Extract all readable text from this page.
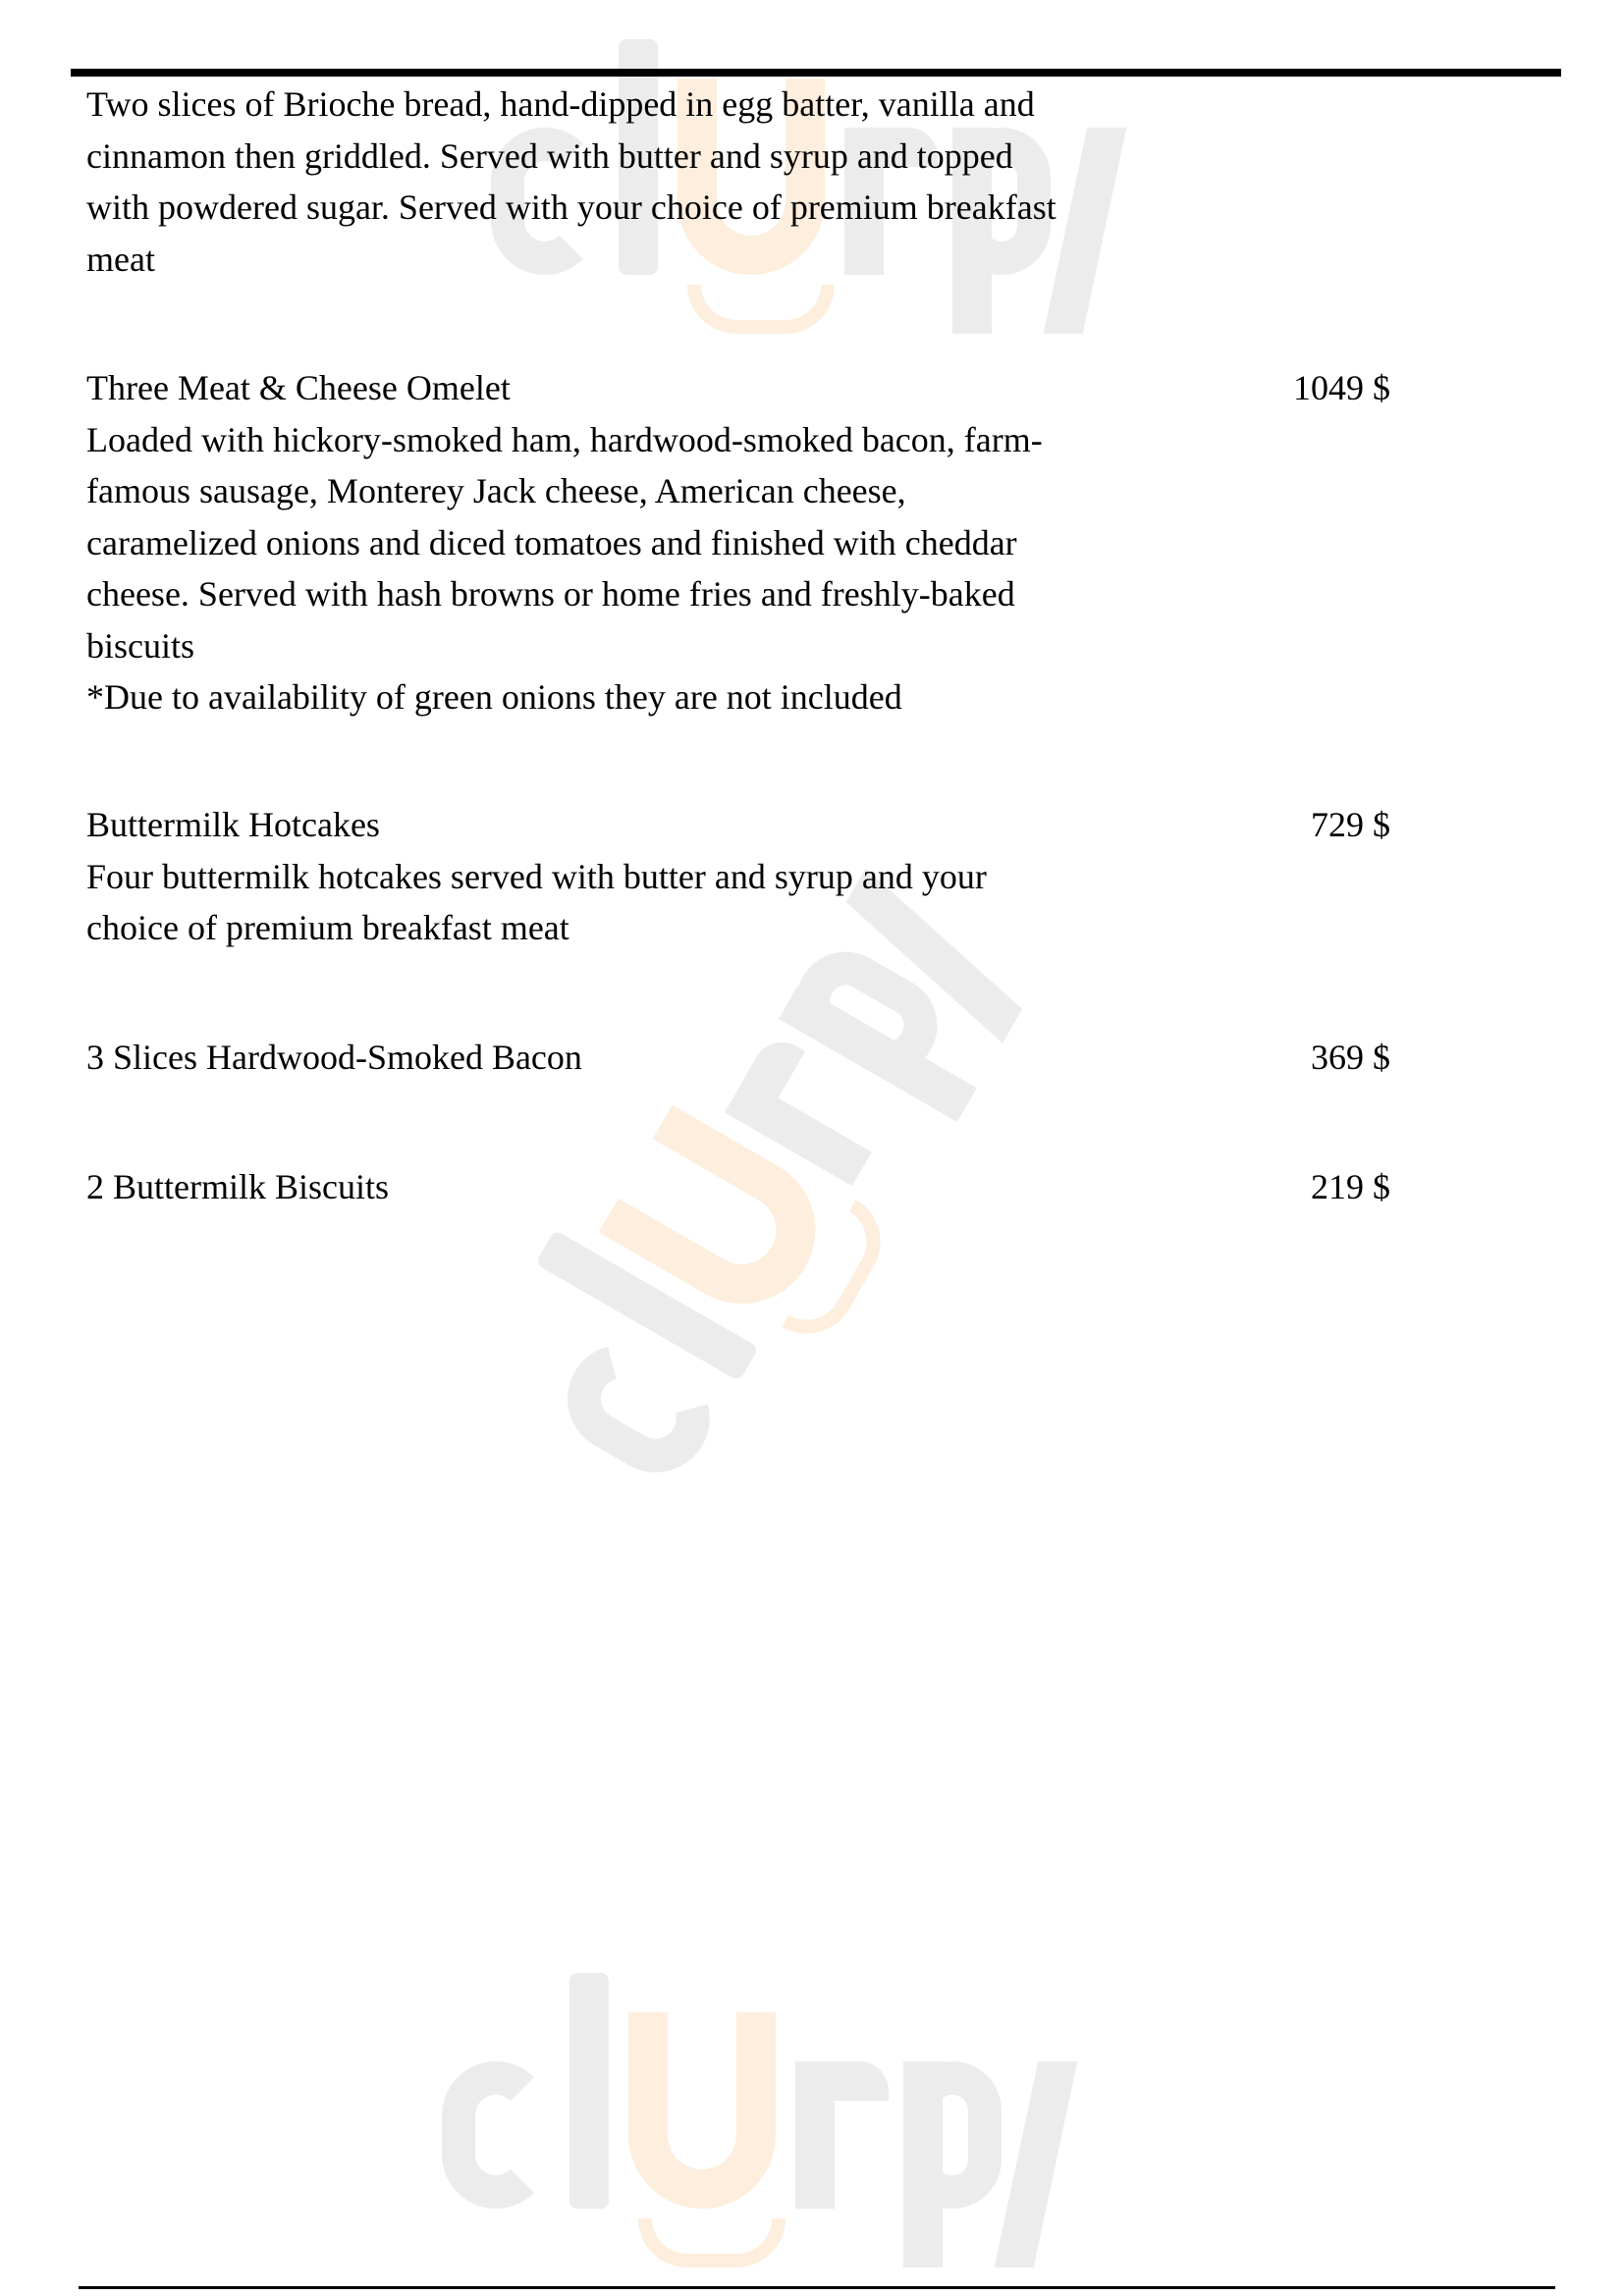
Two slices of Brioche bread, hand-dipped in egg batter, vanilla and
cinnamon then griddled. Served with butter and syrup and topped
with powdered sugar. Served with your choice of premium breakfast
meat
Three Meat & Cheese Omelet
Loaded with hickory-smoked ham, hardwood-smoked bacon, farm-
famous sausage, Monterey Jack cheese, American cheese,
caramelized onions and diced tomatoes and finished with cheddar
cheese. Served with hash browns or home fries and freshly-baked
biscuits
*Due to availability of green onions they are not included
1049 $
Buttermilk Hotcakes
Four buttermilk hotcakes served with butter and syrup and your
choice of premium breakfast meat
729 $
3 Slices Hardwood-Smoked Bacon	369 $
2 Buttermilk Biscuits	219 $
